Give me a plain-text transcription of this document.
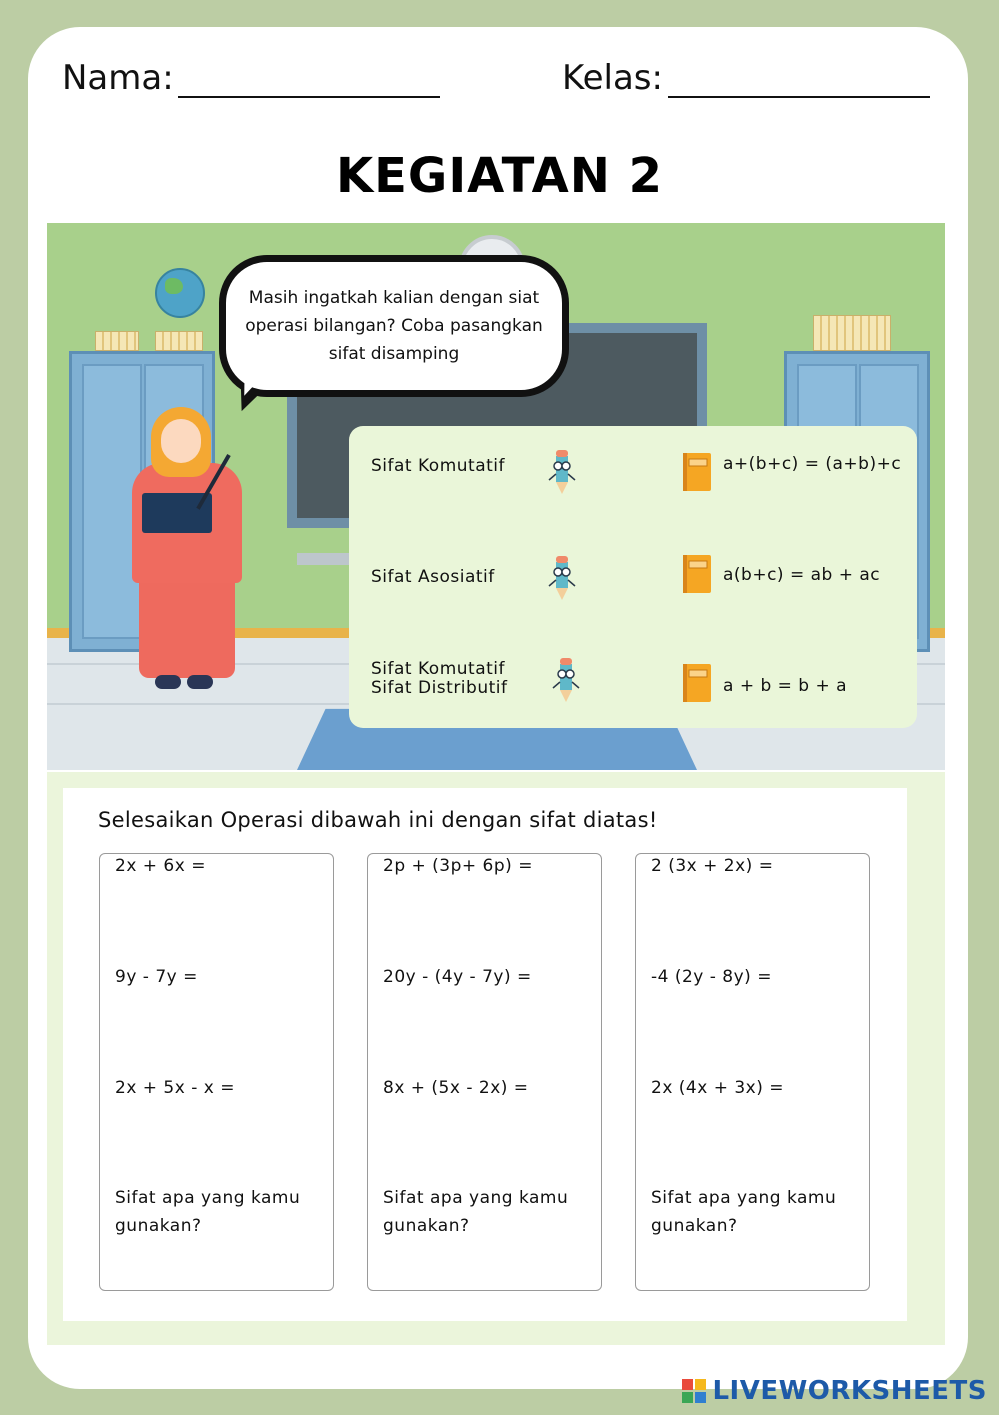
Nama:	Kelas:
KEGIATAN 2
Masih ingatkah kalian dengan siat operasi bilangan? Coba pasangkan sifat disamping
Sifat Komutatif
Sifat Komutatif
Sifat Asosiatif
Sifat Distributif
a+(b+c) = (a+b)+c
a(b+c) = ab + ac
a + b = b + a
Selesaikan Operasi dibawah ini dengan sifat diatas!
2x + 6x =
9y - 7y =
2x + 5x - x =
Sifat apa yang kamu gunakan?
2p + (3p+ 6p) =
20y - (4y - 7y) =
8x + (5x - 2x) =
Sifat apa yang kamu gunakan?
2 (3x + 2x) =
-4 (2y - 8y) =
2x (4x + 3x) =
Sifat apa yang kamu gunakan?
LIVEWORKSHEETS
